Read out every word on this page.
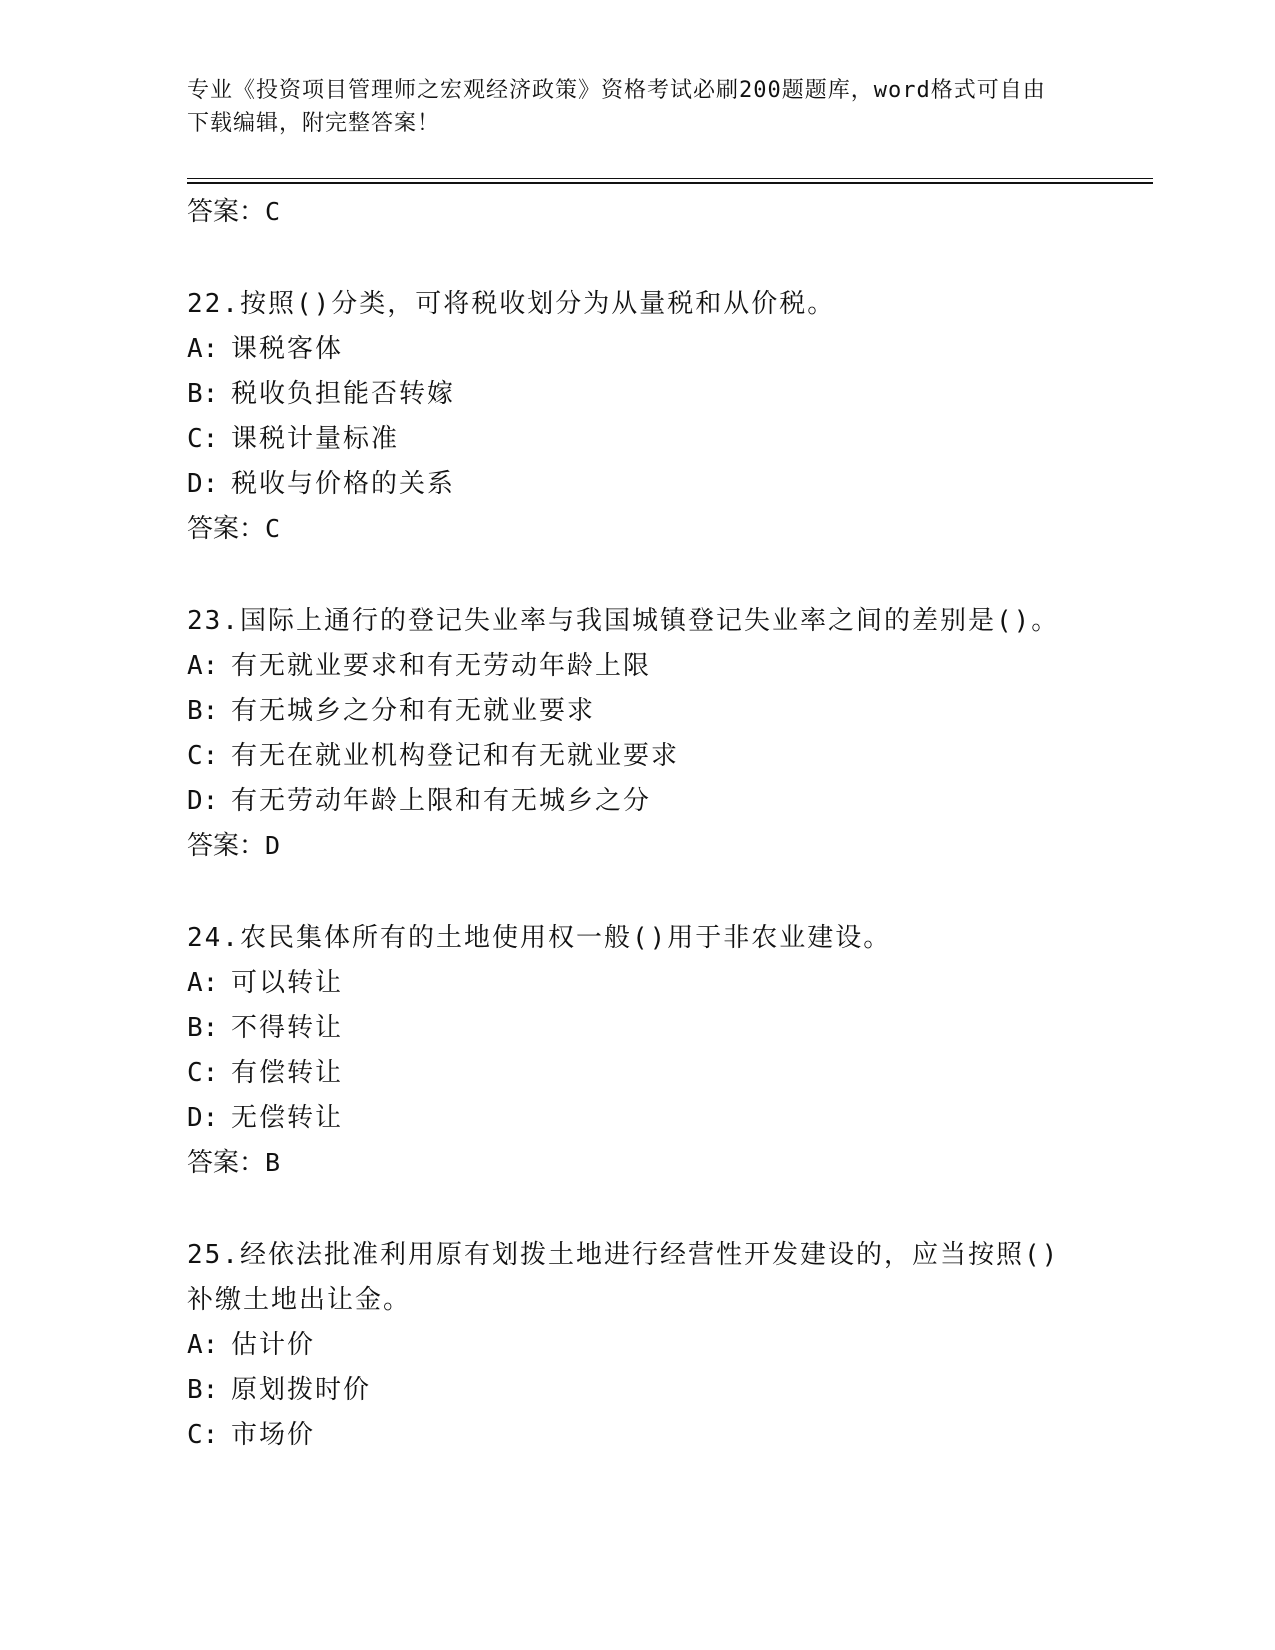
专业《投资项目管理师之宏观经济政策》资格考试必刷200题题库，word格式可自由下载编辑，附完整答案！
答案：C
22.按照()分类，可将税收划分为从量税和从价税。
A: 课税客体
B: 税收负担能否转嫁
C: 课税计量标准
D: 税收与价格的关系
答案：C
23.国际上通行的登记失业率与我国城镇登记失业率之间的差别是()。
A: 有无就业要求和有无劳动年龄上限
B: 有无城乡之分和有无就业要求
C: 有无在就业机构登记和有无就业要求
D: 有无劳动年龄上限和有无城乡之分
答案：D
24.农民集体所有的土地使用权一般()用于非农业建设。
A: 可以转让
B: 不得转让
C: 有偿转让
D: 无偿转让
答案：B
25.经依法批准利用原有划拨土地进行经营性开发建设的，应当按照()补缴土地出让金。
A: 估计价
B: 原划拨时价
C: 市场价
